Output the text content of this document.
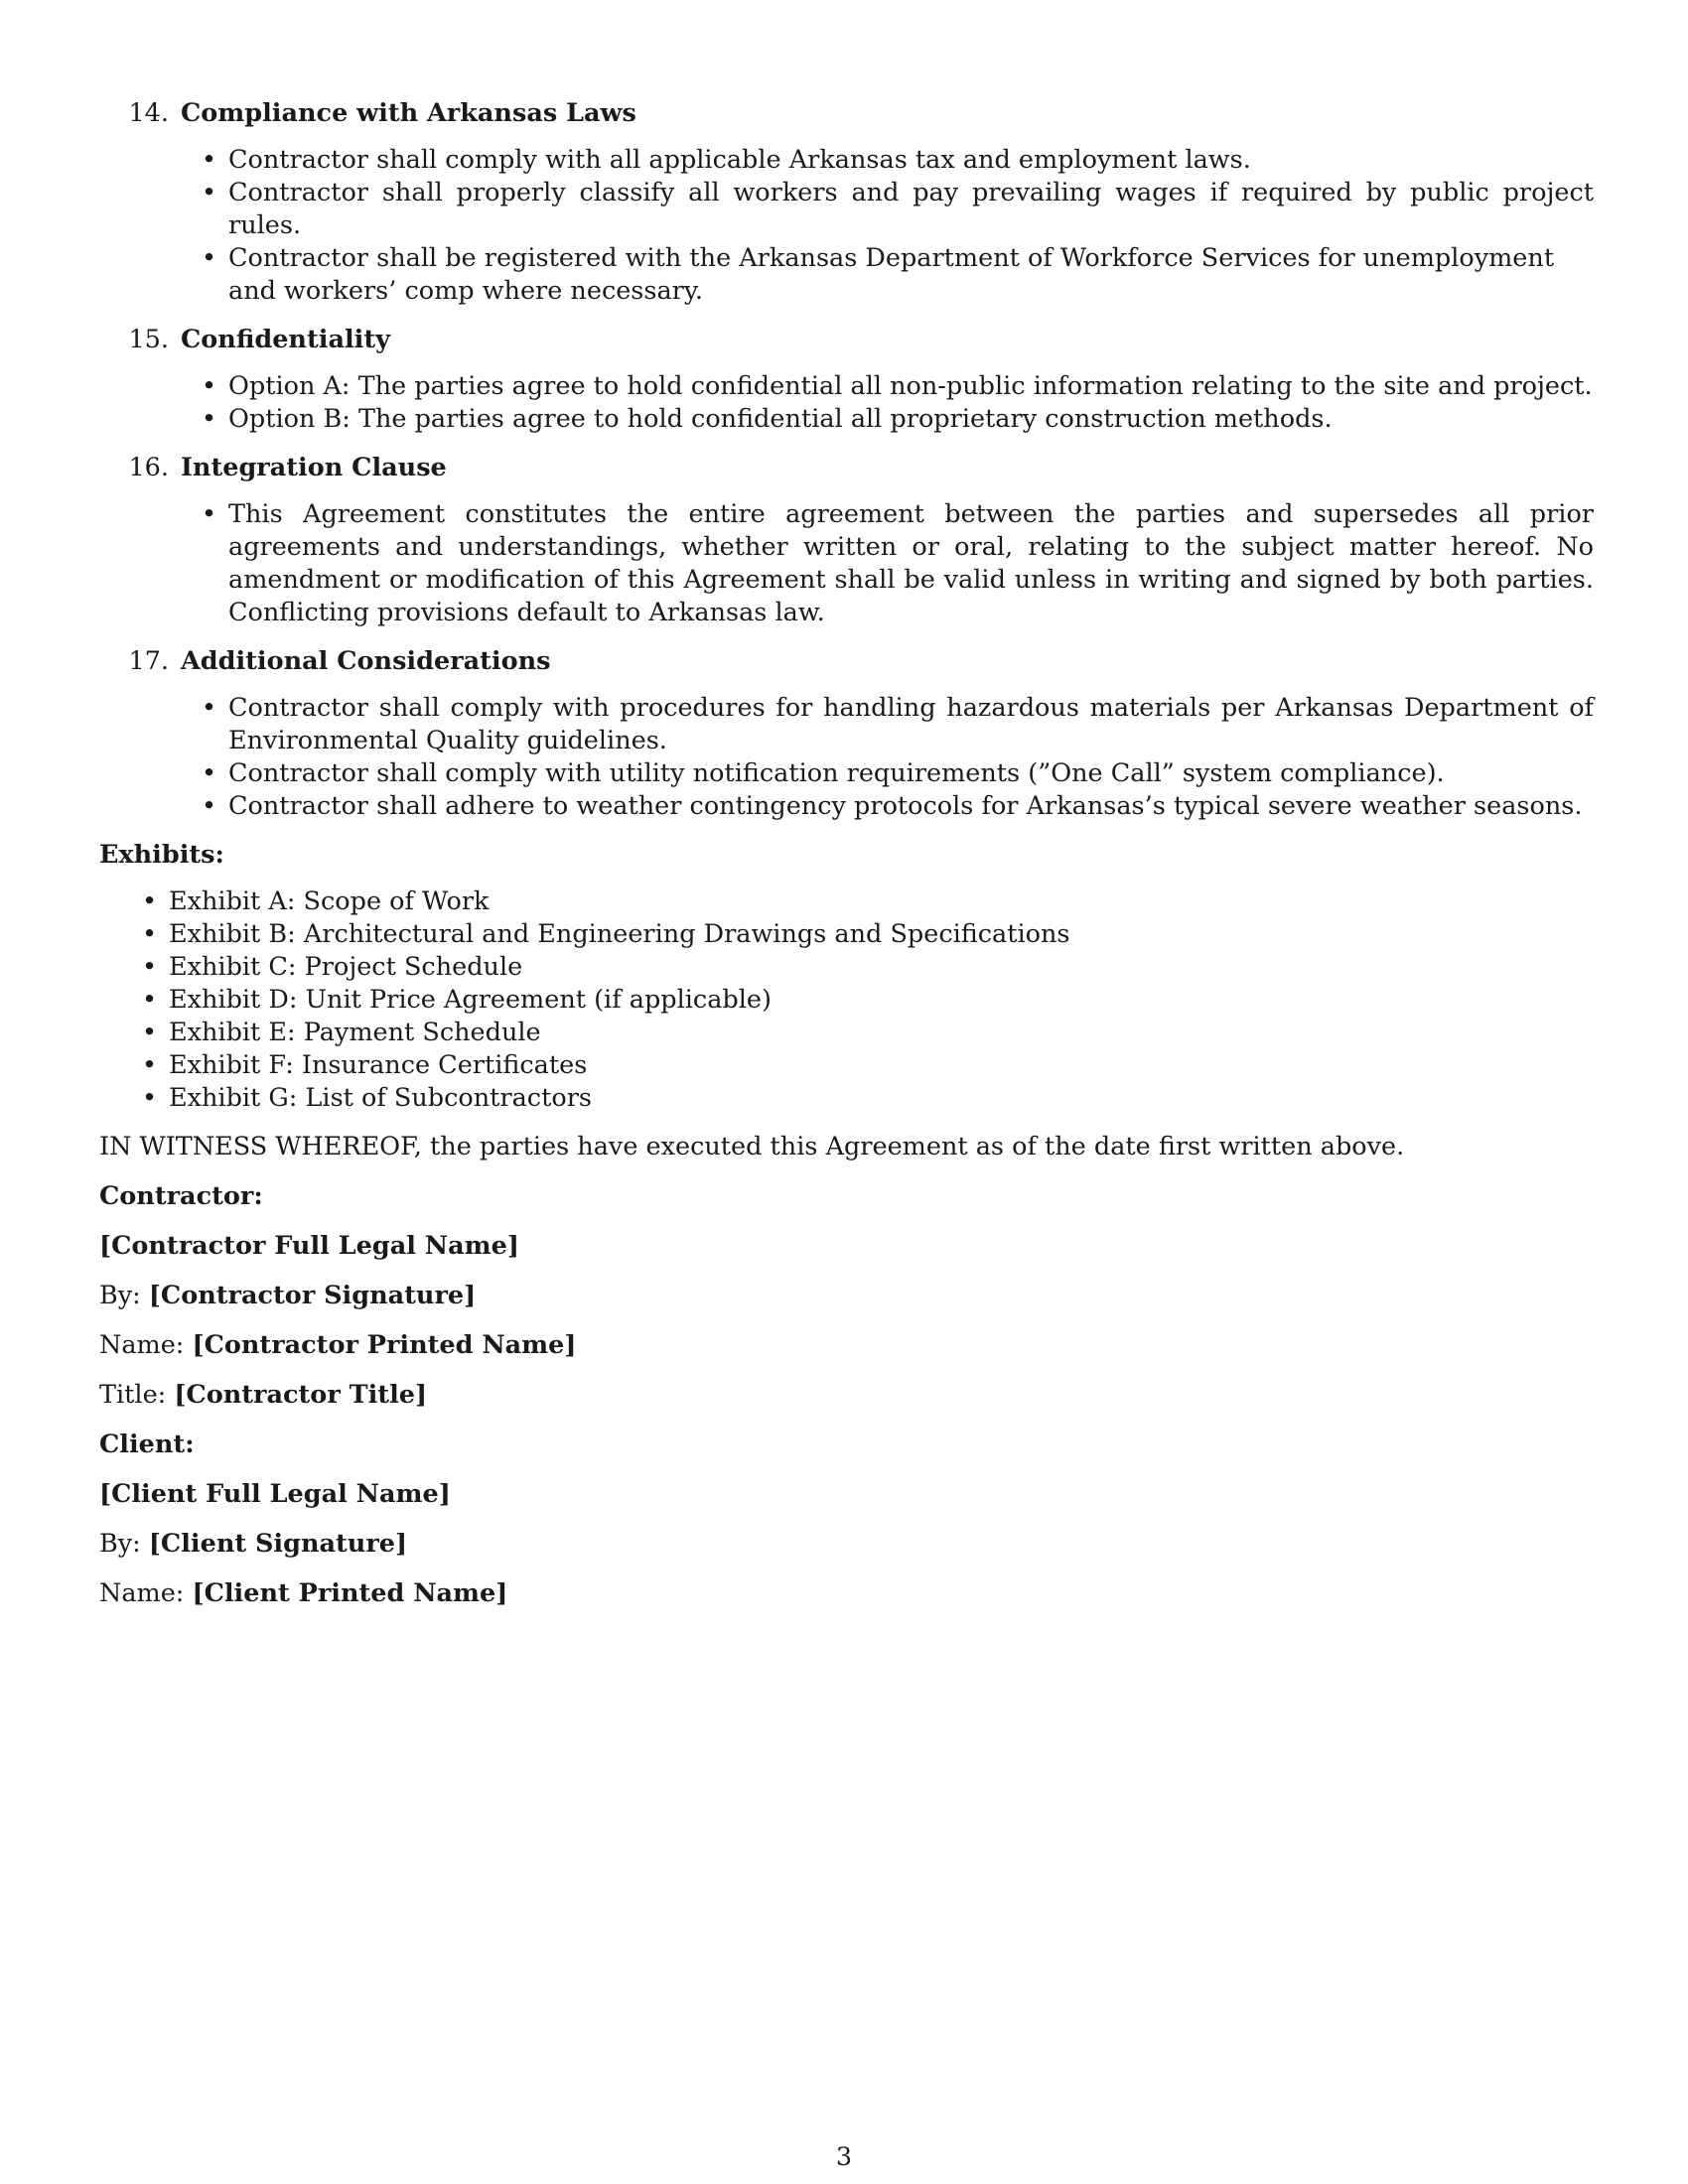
14. Compliance with Arkansas Laws
• Contractor shall comply with all applicable Arkansas tax and employment laws.
• Contractor shall properly classify all workers and pay prevailing wages if required by public project rules.
• Contractor shall be registered with the Arkansas Department of Workforce Services for unemployment and workers’ comp where necessary.
15. Confidentiality
• Option A: The parties agree to hold confidential all non-public information relating to the site and project.
• Option B: The parties agree to hold confidential all proprietary construction methods.
16. Integration Clause
• This Agreement constitutes the entire agreement between the parties and supersedes all prior agreements and understandings, whether written or oral, relating to the subject matter hereof. No amendment or modification of this Agreement shall be valid unless in writing and signed by both parties. Conflicting provisions default to Arkansas law.
17. Additional Considerations
• Contractor shall comply with procedures for handling hazardous materials per Arkansas Department of Environmental Quality guidelines.
• Contractor shall comply with utility notification requirements (”One Call” system compliance).
• Contractor shall adhere to weather contingency protocols for Arkansas’s typical severe weather seasons.
Exhibits:
• Exhibit A: Scope of Work
• Exhibit B: Architectural and Engineering Drawings and Specifications
• Exhibit C: Project Schedule
• Exhibit D: Unit Price Agreement (if applicable)
• Exhibit E: Payment Schedule
• Exhibit F: Insurance Certificates
• Exhibit G: List of Subcontractors

IN WITNESS WHEREOF, the parties have executed this Agreement as of the date first written above.

Contractor:

[Contractor Full Legal Name]

By: [Contractor Signature]

Name: [Contractor Printed Name]

Title: [Contractor Title]

Client:

[Client Full Legal Name]

By: [Client Signature]

Name: [Client Printed Name]

3
